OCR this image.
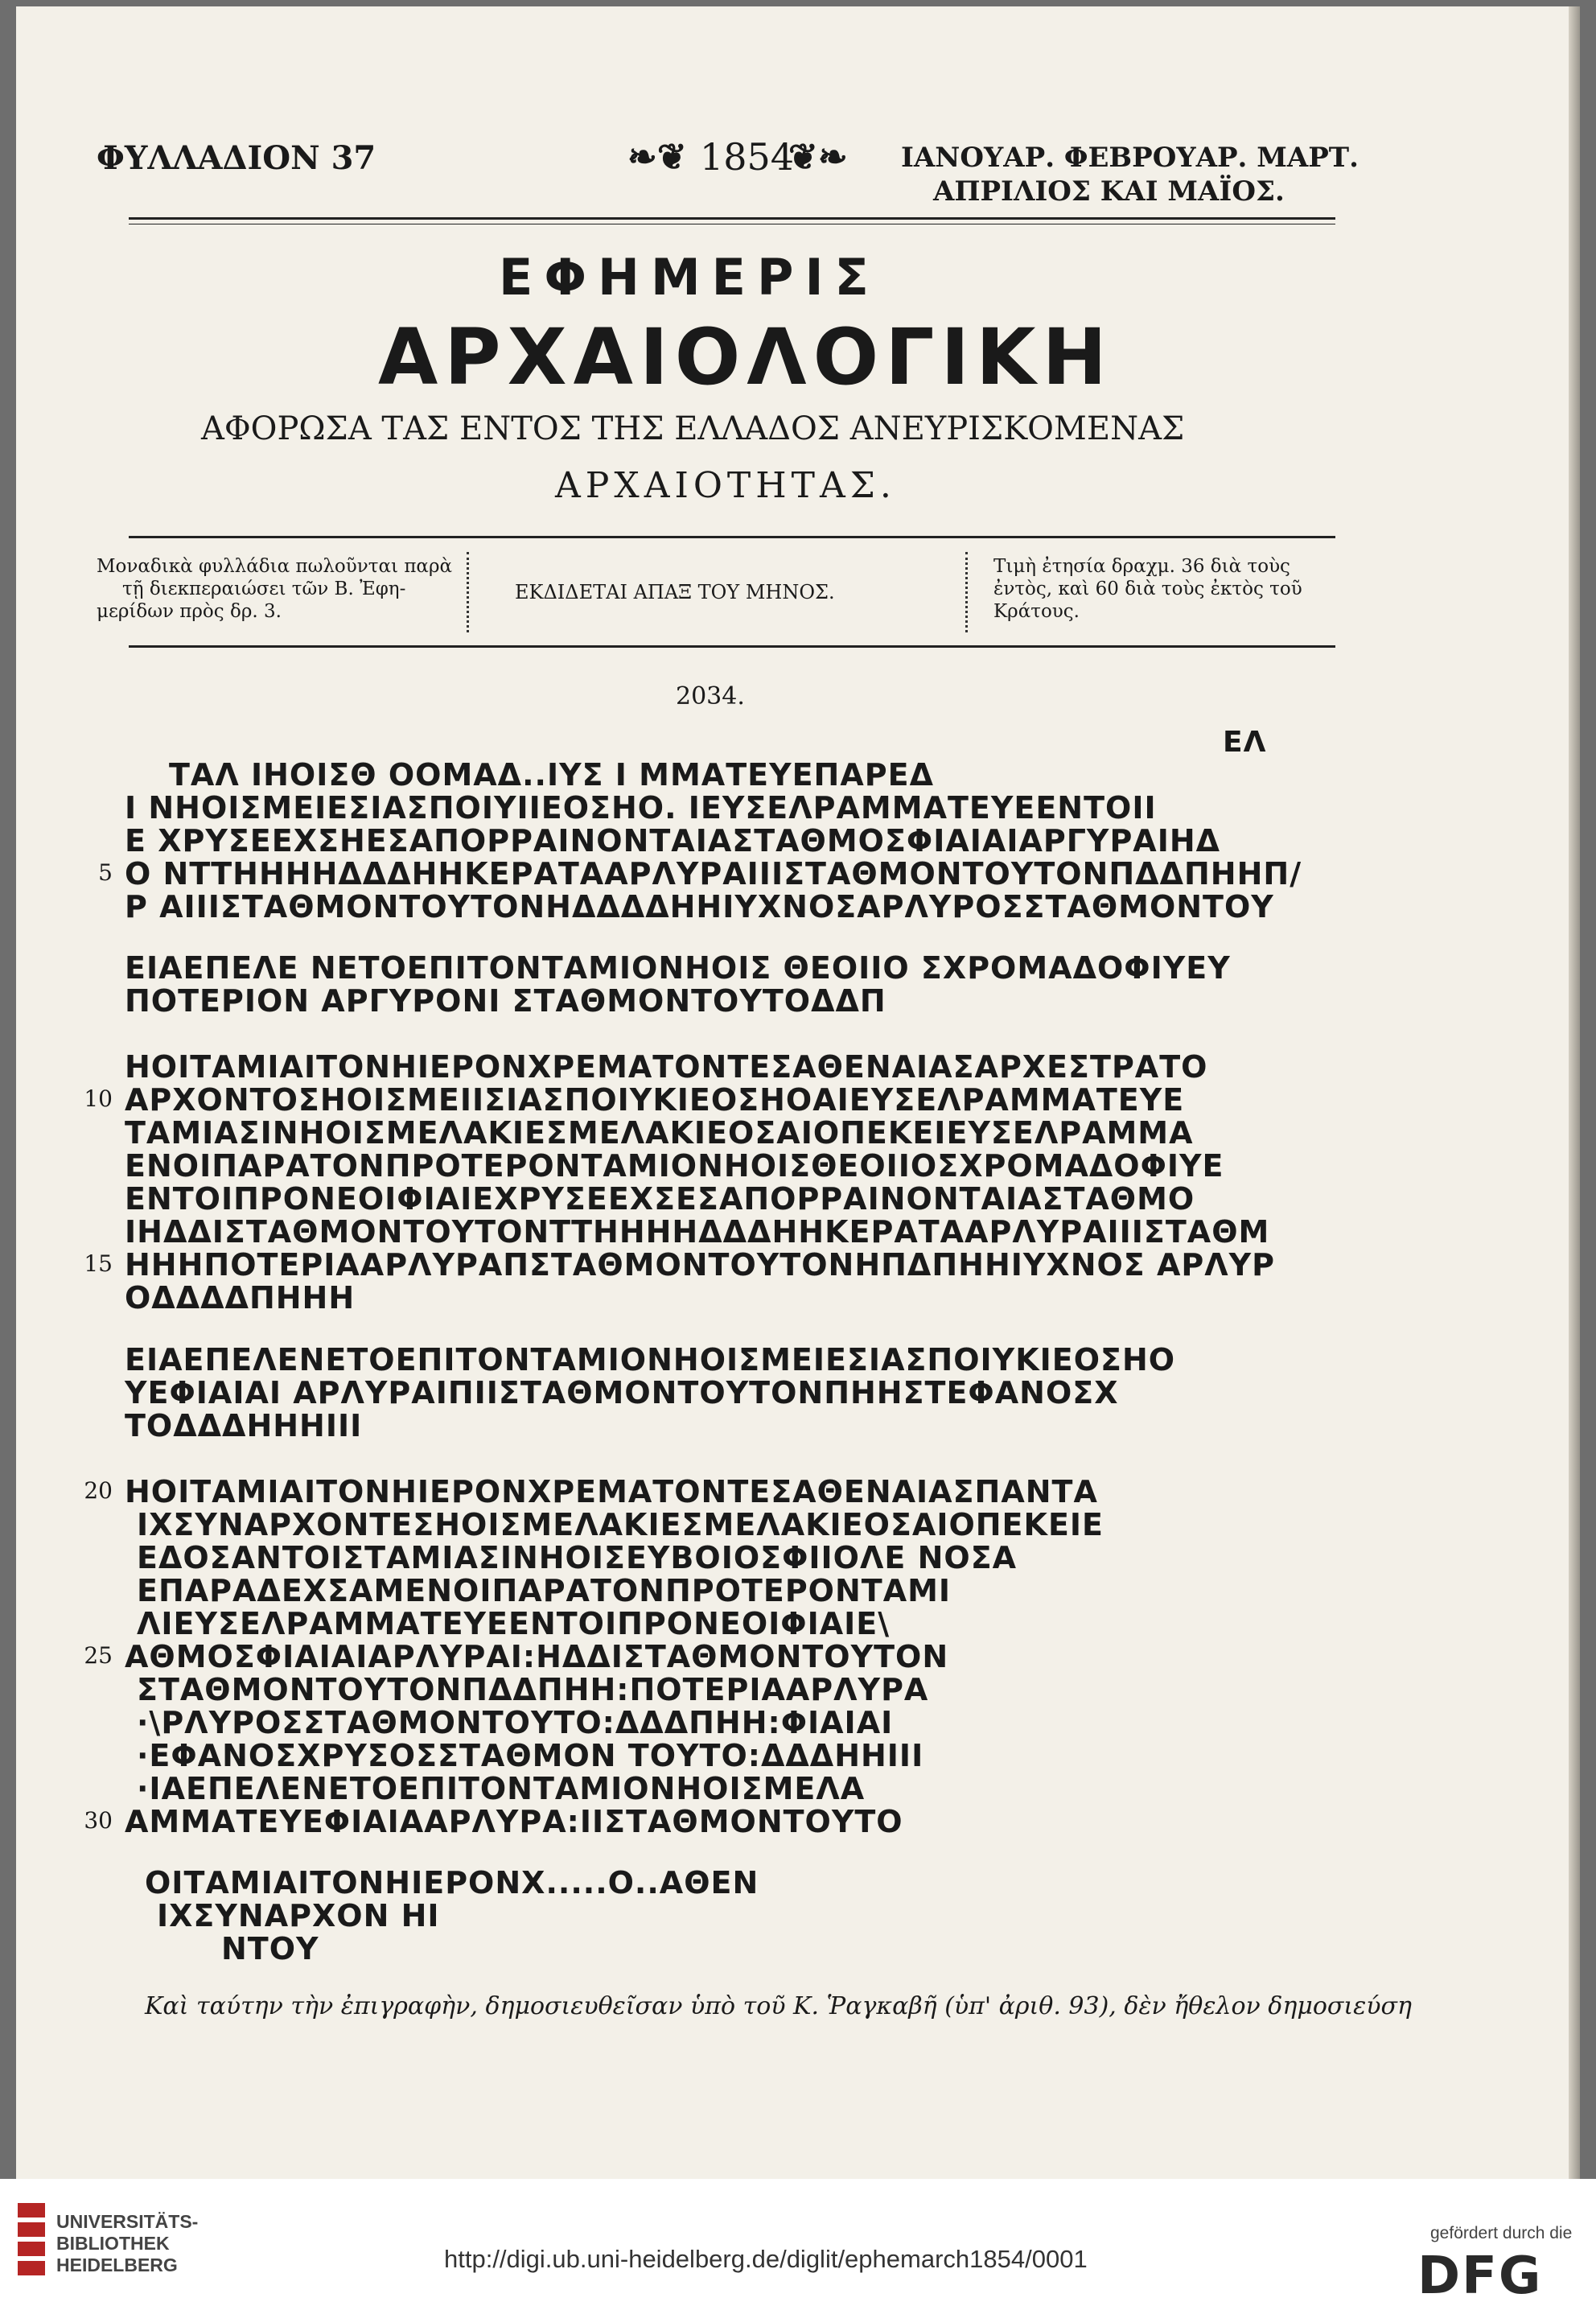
ΦΥΛΛΑΔΙΟΝ 37	❧❦ 1854
❦❧ ΙΑΝΟΥΑΡ. ΦΕΒΡΟΥΑΡ. ΜΑΡΤ.
ΑΠΡΙΛΙΟΣ ΚΑΙ ΜΑΪΟΣ.
ΕΦΗΜΕΡΙΣ
ΑΡΧΑΙΟΛΟΓΙΚΗ
ΑΦΟΡΩΣΑ ΤΑΣ ΕΝΤΟΣ ΤΗΣ ΕΛΛΑΔΟΣ ΑΝΕΥΡΙΣΚΟΜΕΝΑΣ
ΑΡΧΑΙΟΤΗΤΑΣ.
Μοναδικὰ φυλλάδια πωλοῦνται παρὰ
τῇ διεκπεραιώσει τῶν Β. Ἐφη-
μερίδων πρὸς δρ. 3.
ΕΚΔΙΔΕΤΑΙ ΑΠΑΞ ΤΟΥ ΜΗΝΟΣ.
Τιμὴ ἐτησία δραχμ. 36 διὰ τοὺς
ἐντὸς, καὶ 60 διὰ τοὺς ἐκτὸς τοῦ
Κράτους.
2034.
ΕΛ
ΤΑΛ ΙΗΟΙΣΘ ΟΟΜΑΔ..ΙΥΣ Ι ΜΜΑΤΕΥΕΠΑΡΕΔ
Ι ΝΗΟΙΣΜΕΙΕΣΙΑΣΠΟΙΥΙΙΕΟΣΗΟ. ΙΕΥΣΕΛΡΑΜΜΑΤΕΥΕΕΝΤΟΙΙ
Ε ΧΡΥΣΕΕΧΣΗΕΣΑΠΟΡΡΑΙΝΟΝΤΑΙΑΣΤΑΘΜΟΣΦΙΑΙΑΙΑΡΓΥΡΑΙΗΔ
5 Ο ΝΤΤΗΗΗΗΔΔΔΗΗΚΕΡΑΤΑΑΡΛΥΡΑΙΙΙΣΤΑΘΜΟΝΤΟΥΤΟΝΠΔΔΠΗΗΠ/
Ρ ΑΙΙΙΣΤΑΘΜΟΝΤΟΥΤΟΝΗΔΔΔΔΗΗΙΥΧΝΟΣΑΡΛΥΡΟΣΣΤΑΘΜΟΝΤΟΥ
ΕΙΑΕΠΕΛΕ ΝΕΤΟΕΠΙΤΟΝΤΑΜΙΟΝΗΟΙΣ ΘΕΟΙΙΟ ΣΧΡΟΜΑΔΟΦΙΥΕΥ
ΠΟΤΕΡΙΟΝ ΑΡΓΥΡΟΝΙ ΣΤΑΘΜΟΝΤΟΥΤΟΔΔΠ
ΗΟΙΤΑΜΙΑΙΤΟΝΗΙΕΡΟΝΧΡΕΜΑΤΟΝΤΕΣΑΘΕΝΑΙΑΣΑΡΧΕΣΤΡΑΤΟ
10 ΑΡΧΟΝΤΟΣΗΟΙΣΜΕΙΙΣΙΑΣΠΟΙΥΚΙΕΟΣΗΟΑΙΕΥΣΕΛΡΑΜΜΑΤΕΥΕ
ΤΑΜΙΑΣΙΝΗΟΙΣΜΕΛΑΚΙΕΣΜΕΛΑΚΙΕΟΣΑΙΟΠΕΚΕΙΕΥΣΕΛΡΑΜΜΑ
ΕΝΟΙΠΑΡΑΤΟΝΠΡΟΤΕΡΟΝΤΑΜΙΟΝΗΟΙΣΘΕΟΙΙΟΣΧΡΟΜΑΔΟΦΙΥΕ
ΕΝΤΟΙΠΡΟΝΕΟΙΦΙΑΙΕΧΡΥΣΕΕΧΣΕΣΑΠΟΡΡΑΙΝΟΝΤΑΙΑΣΤΑΘΜΟ
ΙΗΔΔΙΣΤΑΘΜΟΝΤΟΥΤΟΝΤΤΗΗΗΗΔΔΔΗΗΚΕΡΑΤΑΑΡΛΥΡΑΙΙΙΣΤΑΘΜ
15 ΗΗΗΠΟΤΕΡΙΑΑΡΛΥΡΑΠΣΤΑΘΜΟΝΤΟΥΤΟΝΗΠΔΠΗΗΙΥΧΝΟΣ ΑΡΛΥΡ
ΟΔΔΔΔΠΗΗΗ
ΕΙΑΕΠΕΛΕΝΕΤΟΕΠΙΤΟΝΤΑΜΙΟΝΗΟΙΣΜΕΙΕΣΙΑΣΠΟΙΥΚΙΕΟΣΗΟ
ΥΕΦΙΑΙΑΙ ΑΡΛΥΡΑΙΠΙΙΣΤΑΘΜΟΝΤΟΥΤΟΝΠΗΗΣΤΕΦΑΝΟΣΧ
ΤΟΔΔΔΗΗΗΙΙΙ
20 ΗΟΙΤΑΜΙΑΙΤΟΝΗΙΕΡΟΝΧΡΕΜΑΤΟΝΤΕΣΑΘΕΝΑΙΑΣΠΑΝΤΑ
ΙΧΣΥΝΑΡΧΟΝΤΕΣΗΟΙΣΜΕΛΑΚΙΕΣΜΕΛΑΚΙΕΟΣΑΙΟΠΕΚΕΙΕ
ΕΔΟΣΑΝΤΟΙΣΤΑΜΙΑΣΙΝΗΟΙΣΕΥΒΟΙΟΣΦΙΙΟΛΕ ΝΟΣΑ
ΕΠΑΡΑΔΕΧΣΑΜΕΝΟΙΠΑΡΑΤΟΝΠΡΟΤΕΡΟΝΤΑΜΙ
ΛΙΕΥΣΕΛΡΑΜΜΑΤΕΥΕΕΝΤΟΙΠΡΟΝΕΟΙΦΙΑΙΕ\
25 ΑΘΜΟΣΦΙΑΙΑΙΑΡΛΥΡΑΙ:ΗΔΔΙΣΤΑΘΜΟΝΤΟΥΤΟΝ
ΣΤΑΘΜΟΝΤΟΥΤΟΝΠΔΔΠΗΗ:ΠΟΤΕΡΙΑΑΡΛΥΡΑ
·\ΡΛΥΡΟΣΣΤΑΘΜΟΝΤΟΥΤΟ:ΔΔΔΠΗΗ:ΦΙΑΙΑΙ
·ΕΦΑΝΟΣΧΡΥΣΟΣΣΤΑΘΜΟΝ ΤΟΥΤΟ:ΔΔΔΗΗΙΙΙ
·ΙΑΕΠΕΛΕΝΕΤΟΕΠΙΤΟΝΤΑΜΙΟΝΗΟΙΣΜΕΛΑ
30 ΑΜΜΑΤΕΥΕΦΙΑΙΑΑΡΛΥΡΑ:ΙΙΣΤΑΘΜΟΝΤΟΥΤΟ
ΟΙΤΑΜΙΑΙΤΟΝΗΙΕΡΟΝΧ.....Ο..ΑΘΕΝ
ΙΧΣΥΝΑΡΧΟΝ ΗΙ
ΝΤΟΥ
Καὶ ταύτην τὴν ἐπιγραφὴν, δημοσιευθεῖσαν ὑπὸ τοῦ Κ. Ῥαγκαβῆ (ὑπ' ἀριθ. 93), δὲν ἤθελον δημοσιεύση
UNIVERSITÄTS-
BIBLIOTHEK
HEIDELBERG	http://digi.ub.uni-heidelberg.de/diglit/ephemarch1854/0001
gefördert durch die
DFG
